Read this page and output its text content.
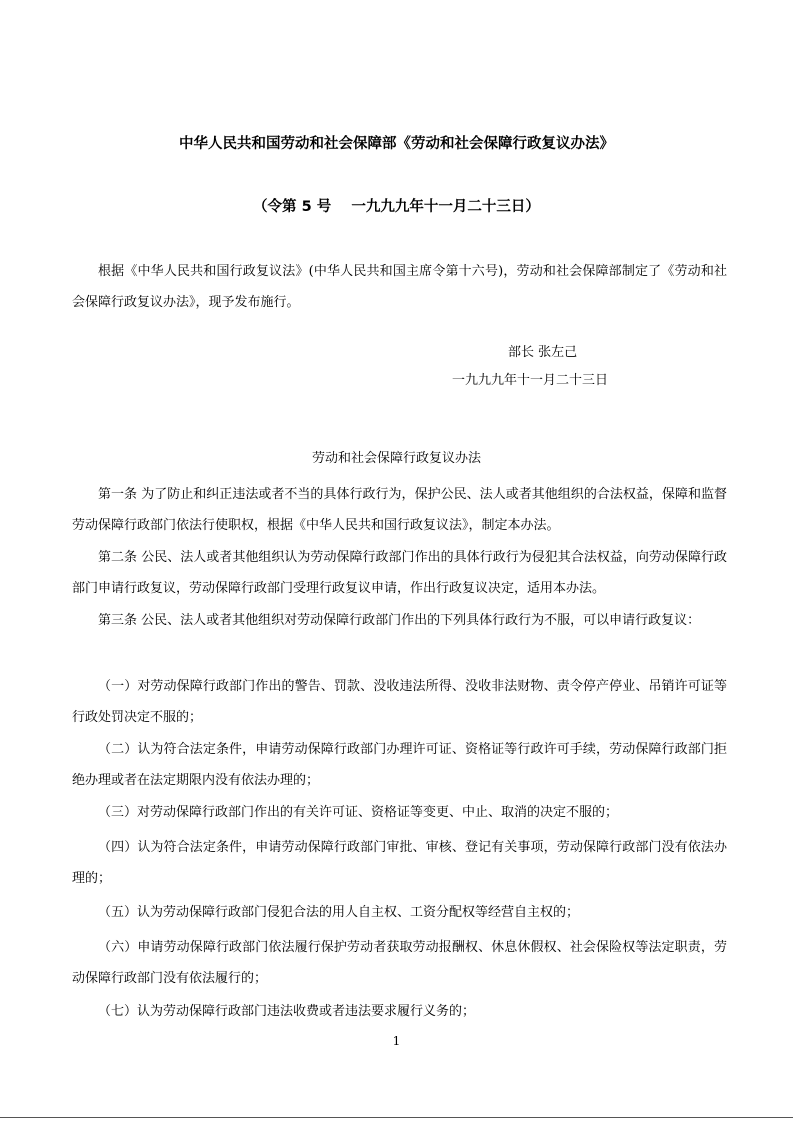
中华人民共和国劳动和社会保障部《劳动和社会保障行政复议办法》
（令第 5 号    一九九九年十一月二十三日）
根据《中华人民共和国行政复议法》(中华人民共和国主席令第十六号)，劳动和社会保障部制定了《劳动和社会保障行政复议办法》，现予发布施行。
部长 张左己
一九九九年十一月二十三日
劳动和社会保障行政复议办法
第一条 为了防止和纠正违法或者不当的具体行政行为，保护公民、法人或者其他组织的合法权益，保障和监督劳动保障行政部门依法行使职权，根据《中华人民共和国行政复议法》，制定本办法。
第二条 公民、法人或者其他组织认为劳动保障行政部门作出的具体行政行为侵犯其合法权益，向劳动保障行政部门申请行政复议，劳动保障行政部门受理行政复议申请，作出行政复议决定，适用本办法。
第三条 公民、法人或者其他组织对劳动保障行政部门作出的下列具体行政行为不服，可以申请行政复议：
（一）对劳动保障行政部门作出的警告、罚款、没收违法所得、没收非法财物、责令停产停业、吊销许可证等行政处罚决定不服的；
（二）认为符合法定条件，申请劳动保障行政部门办理许可证、资格证等行政许可手续，劳动保障行政部门拒绝办理或者在法定期限内没有依法办理的；
（三）对劳动保障行政部门作出的有关许可证、资格证等变更、中止、取消的决定不服的；
（四）认为符合法定条件，申请劳动保障行政部门审批、审核、登记有关事项，劳动保障行政部门没有依法办理的；
（五）认为劳动保障行政部门侵犯合法的用人自主权、工资分配权等经营自主权的；
（六）申请劳动保障行政部门依法履行保护劳动者获取劳动报酬权、休息休假权、社会保险权等法定职责，劳动保障行政部门没有依法履行的；
（七）认为劳动保障行政部门违法收费或者违法要求履行义务的；
1
